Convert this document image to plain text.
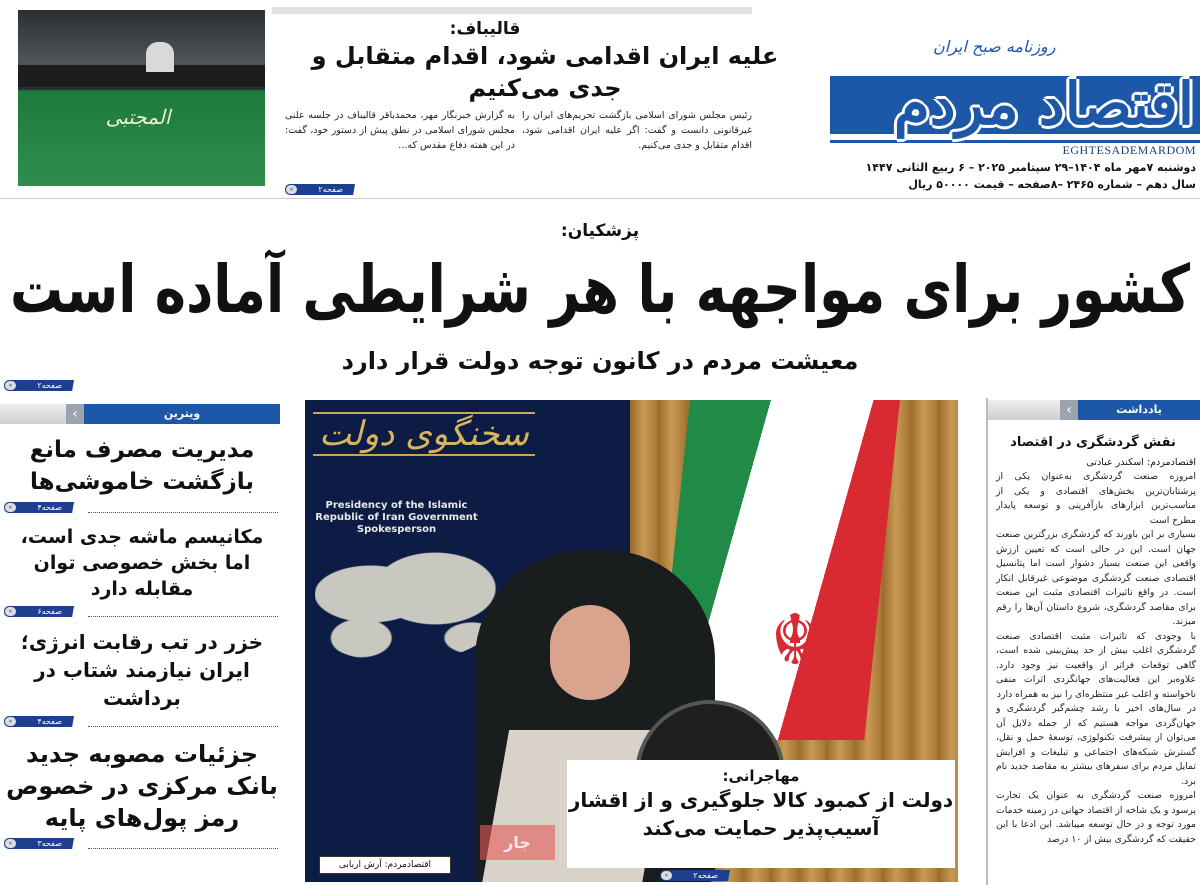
روزنامه صبح ایران
اقتصاد مردم
EGHTESADEMARDOM
دوشنبه ۷مهر ماه ۱۴۰۴–۲۹ سپتامبر ۲۰۲۵ – ۶ ربیع الثانی ۱۴۴۷
سال دهم – شماره ۲۴۶۵ –۸صفحه – قیمت ۵۰۰۰۰ ریال
قالیباف:
علیه ایران اقدامی شود، اقدام متقابل و جدی می‌کنیم
رئیس مجلس شورای اسلامی بازگشت تحریم‌های ایران را غیرقانونی دانست و گفت: اگر علیه ایران اقدامی شود، اقدام متقابل و جدی می‌کنیم.
به گزارش خبرنگار مهر، محمدباقر قالیباف در جلسه علنی مجلس شورای اسلامی در نطق پیش از دستور خود، گفت: در این هفته دفاع مقدس که...
»	صفحه۲
المجتبی
پزشکیان:
کشور برای مواجهه با هر شرایطی آماده است
معیشت مردم در کانون توجه دولت قرار دارد
»	صفحه۲
ویترین
‹
مدیریت مصرف مانع بازگشت خاموشی‌ها
»	صفحه۴
مکانیسم ماشه جدی است، اما بخش خصوصی توان مقابله دارد
»	صفحه۶
خزر در تب رقابت انرژی؛ ایران نیازمند شتاب در برداشت
»	صفحه۴
جزئیات مصوبه جدید بانک مرکزی در خصوص رمز پول‌های پایه
»	صفحه۳
☬
سخنگوی دولت
Presidency of the Islamic Republic of Iran Government Spokesperson
جار
مهاجرانی:
دولت از کمبود کالا جلوگیری و از اقشار آسیب‌پذیر حمایت می‌کند
اقتصادمردم: آرش اربابی
»	صفحه۲
یادداشت
‹
نقش گردشگری در اقتصاد
اقتصادمردم: اسکندر عبادتی

امروزه صنعت گردشگری به‌عنوان یکی از پرشتابان‌ترین بخش‌های اقتصادی و یکی از مناسب‌ترین ابزارهای بازآفرینی و توسعه پایدار مطرح است

بسیاری بر این باورند که گردشگری بزرگترین صنعت جهان است. این در حالی است که تعیین ارزش واقعی این صنعت بسیار دشوار است اما پتانسیل اقتصادی صنعت گردشگری موضوعی غیرقابل انکار است. در واقع تاثیرات اقتصادی مثبت این صنعت برای مقاصد گردشگری، شروع داستان آن‌ها را رقم میزند.

با وجودی که تاثیرات مثبت اقتصادی صنعت گردشگری اغلب بیش از حد پیش‌بینی شده است، گاهی توقعات فراتر از واقعیت نیز وجود دارد. علاوه‌بر این فعالیت‌های جهانگردی اثرات منفی ناخواسته و اغلب غیر منتظره‌ای را نیز به همراه دارد

در سال‌های اخیر با رشد چشم‌گیر گردشگری و جهان‌گردی مواجه هستیم که از جمله دلایل آن می‌توان از پیشرفت تکنولوژی، توسعهٔ حمل و نقل، گسترش شبکه‌های اجتماعی و تبلیغات و افزایش تمایل مردم برای سفرهای بیشتر به مقاصد جدید نام برد.

امروزه صنعت گردشگری به عنوان یک تجارت پرسود و یک شاخه از اقتصاد جهانی در زمینه خدمات مورد توجه و در حال توسعه میباشد. این ادعا با این حقیقت که گردشگری بیش از ۱۰ درصد
